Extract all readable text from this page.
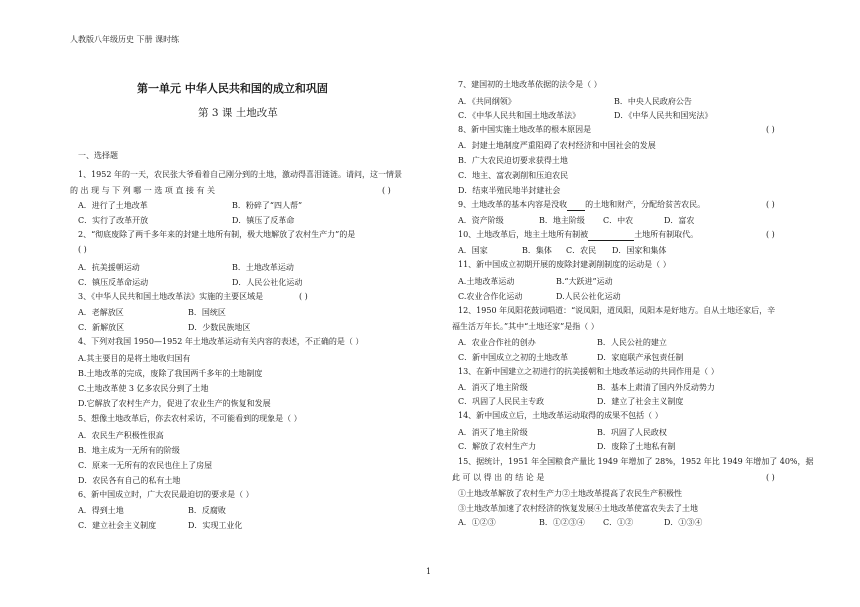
人教版八年级历史 下册 课时练
第一单元 中华人民共和国的成立和巩固
第 3 课 土地改革
一、选择题
1、1952 年的一天，农民张大爷看着自己刚分到的土地，激动得喜泪涟涟。请问，这一情景
的 出 现 与 下 列 哪 一 选 项 直 接 有 关	( )
A．进行了土地改革	B．粉碎了“四人帮”
C．实行了改革开放	D．镇压了反革命
2、“彻底废除了两千多年来的封建土地所有制，极大地解放了农村生产力”的是
( )
A．抗美援朝运动	B．土地改革运动
C．镇压反革命运动	D．人民公社化运动
3、《中华人民共和国土地改革法》实施的主要区域是	( )
A．老解放区	B．国统区
C．新解放区	D．少数民族地区
4、下列对我国 1950—1952 年土地改革运动有关内容的表述，不正确的是（ ）
A.其主要目的是将土地收归国有
B.土地改革的完成，废除了我国两千多年的土地制度
C.土地改革使 3 亿多农民分到了土地
D.它解放了农村生产力，促进了农业生产的恢复和发展
5、想像土地改革后，你去农村采访，不可能看到的现象是（ ）
A．农民生产积极性很高
B．地主成为一无所有的阶级
C．原来一无所有的农民也住上了房屋
D．农民各有自己的私有土地
6、新中国成立时，广大农民最迫切的要求是（ ）
A．得到土地	B．反腐败
C．建立社会主义制度	D．实现工业化
7、建国初的土地改革依据的法令是（ ）
A．《共同纲领》	B．中央人民政府公告
C．《中华人民共和国土地改革法》	D．《中华人民共和国宪法》
8、新中国实施土地改革的根本原因是	( )
A．封建土地制度严重阻碍了农村经济和中国社会的发展
B．广大农民迫切要求获得土地
C．地主、富农剥削和压迫农民
D．结束半殖民地半封建社会
9、土地改革的基本内容是没收 的土地和财产，分配给贫苦农民。	( )
A．资产阶级	B．地主阶级 C．中农	D．富农
10、土地改革后，地主土地所有制被	土地所有制取代。	( )
A．国家	B．集体 C．农民 D．国家和集体
11、新中国成立初期开展的废除封建剥削制度的运动是（ ）
A.土地改革运动	B.“大跃进”运动
C.农业合作化运动	D.人民公社化运动
12、1950 年凤阳花鼓词唱道：“说凤阳，道凤阳，凤阳本是好地方。自从土地还家后，辛
福生活万年长。”其中“土地还家”是指（ ）
A．农业合作社的创办	B．人民公社的建立
C．新中国成立之初的土地改革	D．家庭联产承包责任制
13、在新中国建立之初进行的抗美援朝和土地改革运动的共同作用是（ ）
A．消灭了地主阶级	B．基本上肃清了国内外反动势力
C．巩固了人民民主专政	D．建立了社会主义制度
14、新中国成立后，土地改革运动取得的成果不包括（ ）
A．消灭了地主阶级	B．巩固了人民政权
C．解放了农村生产力	D．废除了土地私有制
15、据统计，1951 年全国粮食产量比 1949 年增加了 28%，1952 年比 1949 年增加了 40%，据
此 可 以 得 出 的 结 论 是	( )
①土地改革解放了农村生产力②土地改革提高了农民生产积极性
③土地改革加速了农村经济的恢复发展④土地改革使富农失去了土地
A．①②③	B．①②③④ C．①②	D．①③④
1
